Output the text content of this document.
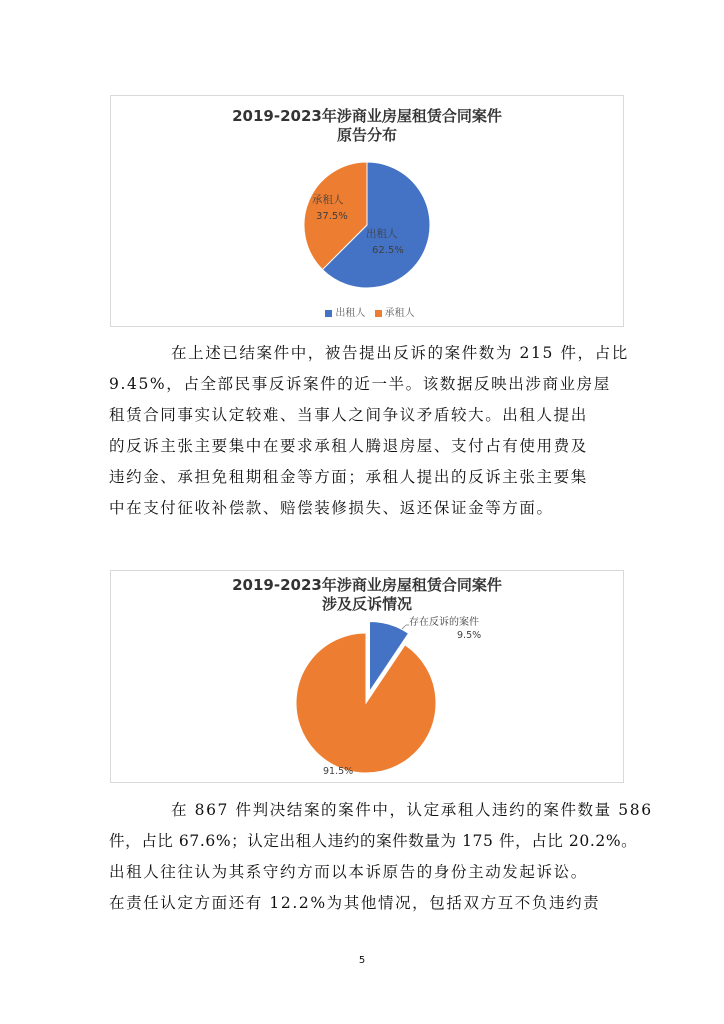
2019-2023年涉商业房屋租赁合同案件
原告分布
承租人
37.5%
出租人
62.5%
出租人 承租人

在上述已结案件中，被告提出反诉的案件数为 215 件，占比
9.45%，占全部民事反诉案件的近一半。该数据反映出涉商业房屋
租赁合同事实认定较难、当事人之间争议矛盾较大。出租人提出
的反诉主张主要集中在要求承租人腾退房屋、支付占有使用费及
违约金、承担免租期租金等方面；承租人提出的反诉主张主要集
中在支付征收补偿款、赔偿装修损失、返还保证金等方面。

2019-2023年涉商业房屋租赁合同案件
涉及反诉情况
存在反诉的案件
9.5%
91.5%

在 867 件判决结案的案件中，认定承租人违约的案件数量 586
件，占比 67.6%；认定出租人违约的案件数量为 175 件，占比 20.2%。
出租人往往认为其系守约方而以本诉原告的身份主动发起诉讼。
在责任认定方面还有 12.2%为其他情况，包括双方互不负违约责

5
